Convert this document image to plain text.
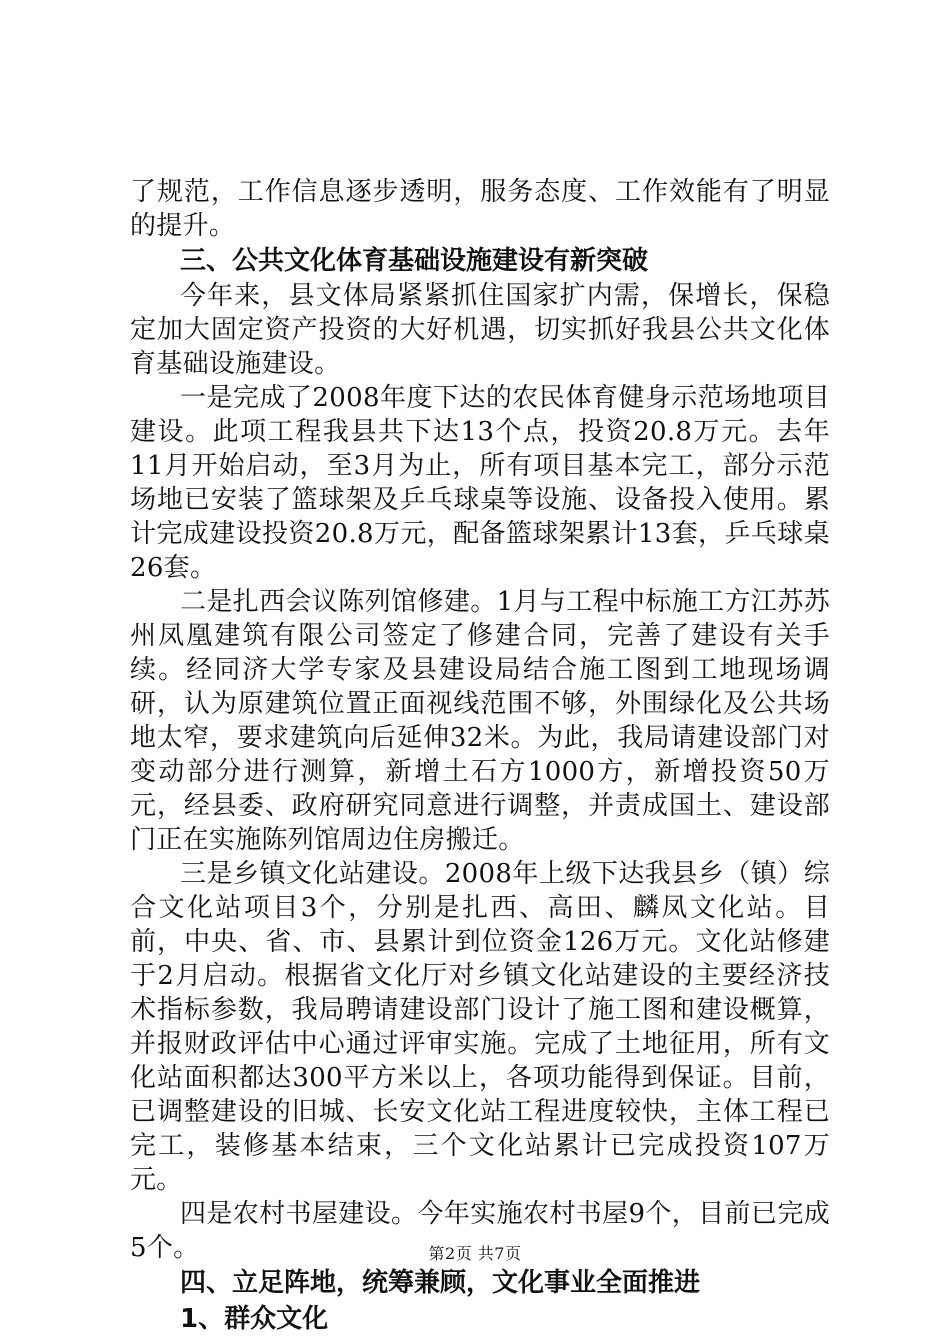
了规范，工作信息逐步透明，服务态度、工作效能有了明显的提升。

三、公共文化体育基础设施建设有新突破

今年来，县文体局紧紧抓住国家扩内需，保增长，保稳定加大固定资产投资的大好机遇，切实抓好我县公共文化体育基础设施建设。

一是完成了2008年度下达的农民体育健身示范场地项目建设。此项工程我县共下达13个点，投资20.8万元。去年11月开始启动，至3月为止，所有项目基本完工，部分示范场地已安装了篮球架及乒乓球桌等设施、设备投入使用。累计完成建设投资20.8万元，配备篮球架累计13套，乒乓球桌26套。

二是扎西会议陈列馆修建。1月与工程中标施工方江苏苏州凤凰建筑有限公司签定了修建合同，完善了建设有关手续。经同济大学专家及县建设局结合施工图到工地现场调研，认为原建筑位置正面视线范围不够，外围绿化及公共场地太窄，要求建筑向后延伸32米。为此，我局请建设部门对变动部分进行测算，新增土石方1000方，新增投资50万元，经县委、政府研究同意进行调整，并责成国土、建设部门正在实施陈列馆周边住房搬迁。

三是乡镇文化站建设。2008年上级下达我县乡（镇）综合文化站项目3个，分别是扎西、高田、麟凤文化站。目前，中央、省、市、县累计到位资金126万元。文化站修建于2月启动。根据省文化厅对乡镇文化站建设的主要经济技术指标参数，我局聘请建设部门设计了施工图和建设概算，并报财政评估中心通过评审实施。完成了土地征用，所有文化站面积都达300平方米以上，各项功能得到保证。目前，已调整建设的旧城、长安文化站工程进度较快，主体工程已完工，装修基本结束，三个文化站累计已完成投资107万元。

四是农村书屋建设。今年实施农村书屋9个，目前已完成5个。

四、立足阵地，统筹兼顾，文化事业全面推进

1、群众文化

第2页 共7页
